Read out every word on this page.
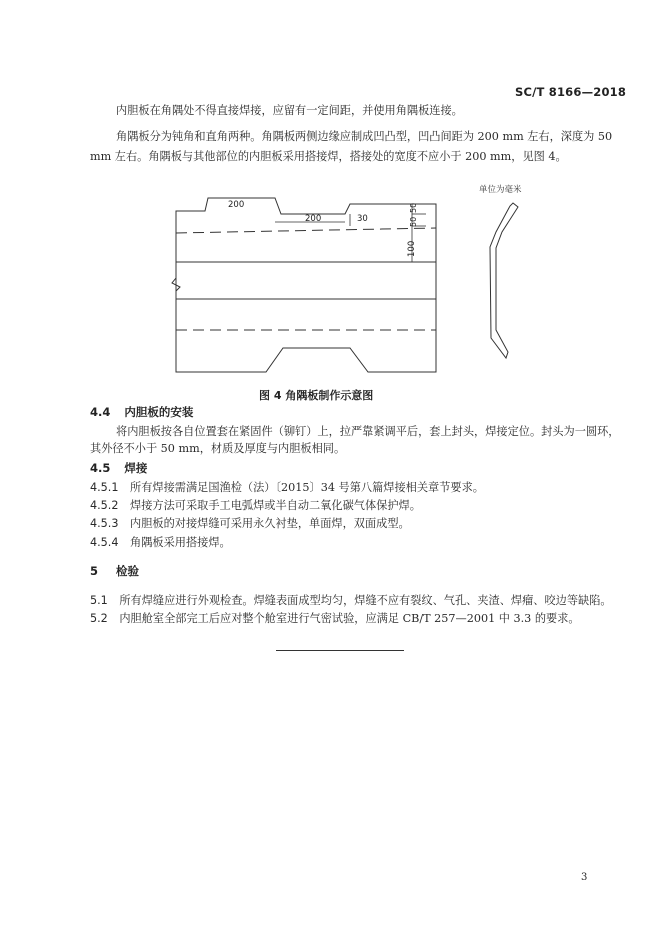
SC/T 8166—2018
内胆板在角隅处不得直接焊接，应留有一定间距，并使用角隅板连接。
角隅板分为钝角和直角两种。角隅板两侧边缘应制成凹凸型，凹凸间距为 200 mm 左右，深度为 50
mm 左右。角隅板与其他部位的内胆板采用搭接焊，搭接处的宽度不应小于 200 mm，见图 4。
200
200	30
50
50
100
单位为毫米
图 4 角隅板制作示意图
4.4 内胆板的安装
将内胆板按各自位置套在紧固件（铆钉）上，拉严靠紧调平后，套上封头，焊接定位。封头为一圆环，
其外径不小于 50 mm，材质及厚度与内胆板相同。
4.5 焊接
4.5.1 所有焊接需满足国渔检（法）〔2015〕34 号第八篇焊接相关章节要求。
4.5.2 焊接方法可采取手工电弧焊或半自动二氧化碳气体保护焊。
4.5.3 内胆板的对接焊缝可采用永久衬垫，单面焊，双面成型。
4.5.4 角隅板采用搭接焊。
5 检验
5.1 所有焊缝应进行外观检查。焊缝表面成型均匀，焊缝不应有裂纹、气孔、夹渣、焊瘤、咬边等缺陷。
5.2 内胆舱室全部完工后应对整个舱室进行气密试验，应满足 CB/T 257—2001 中 3.3 的要求。
3
